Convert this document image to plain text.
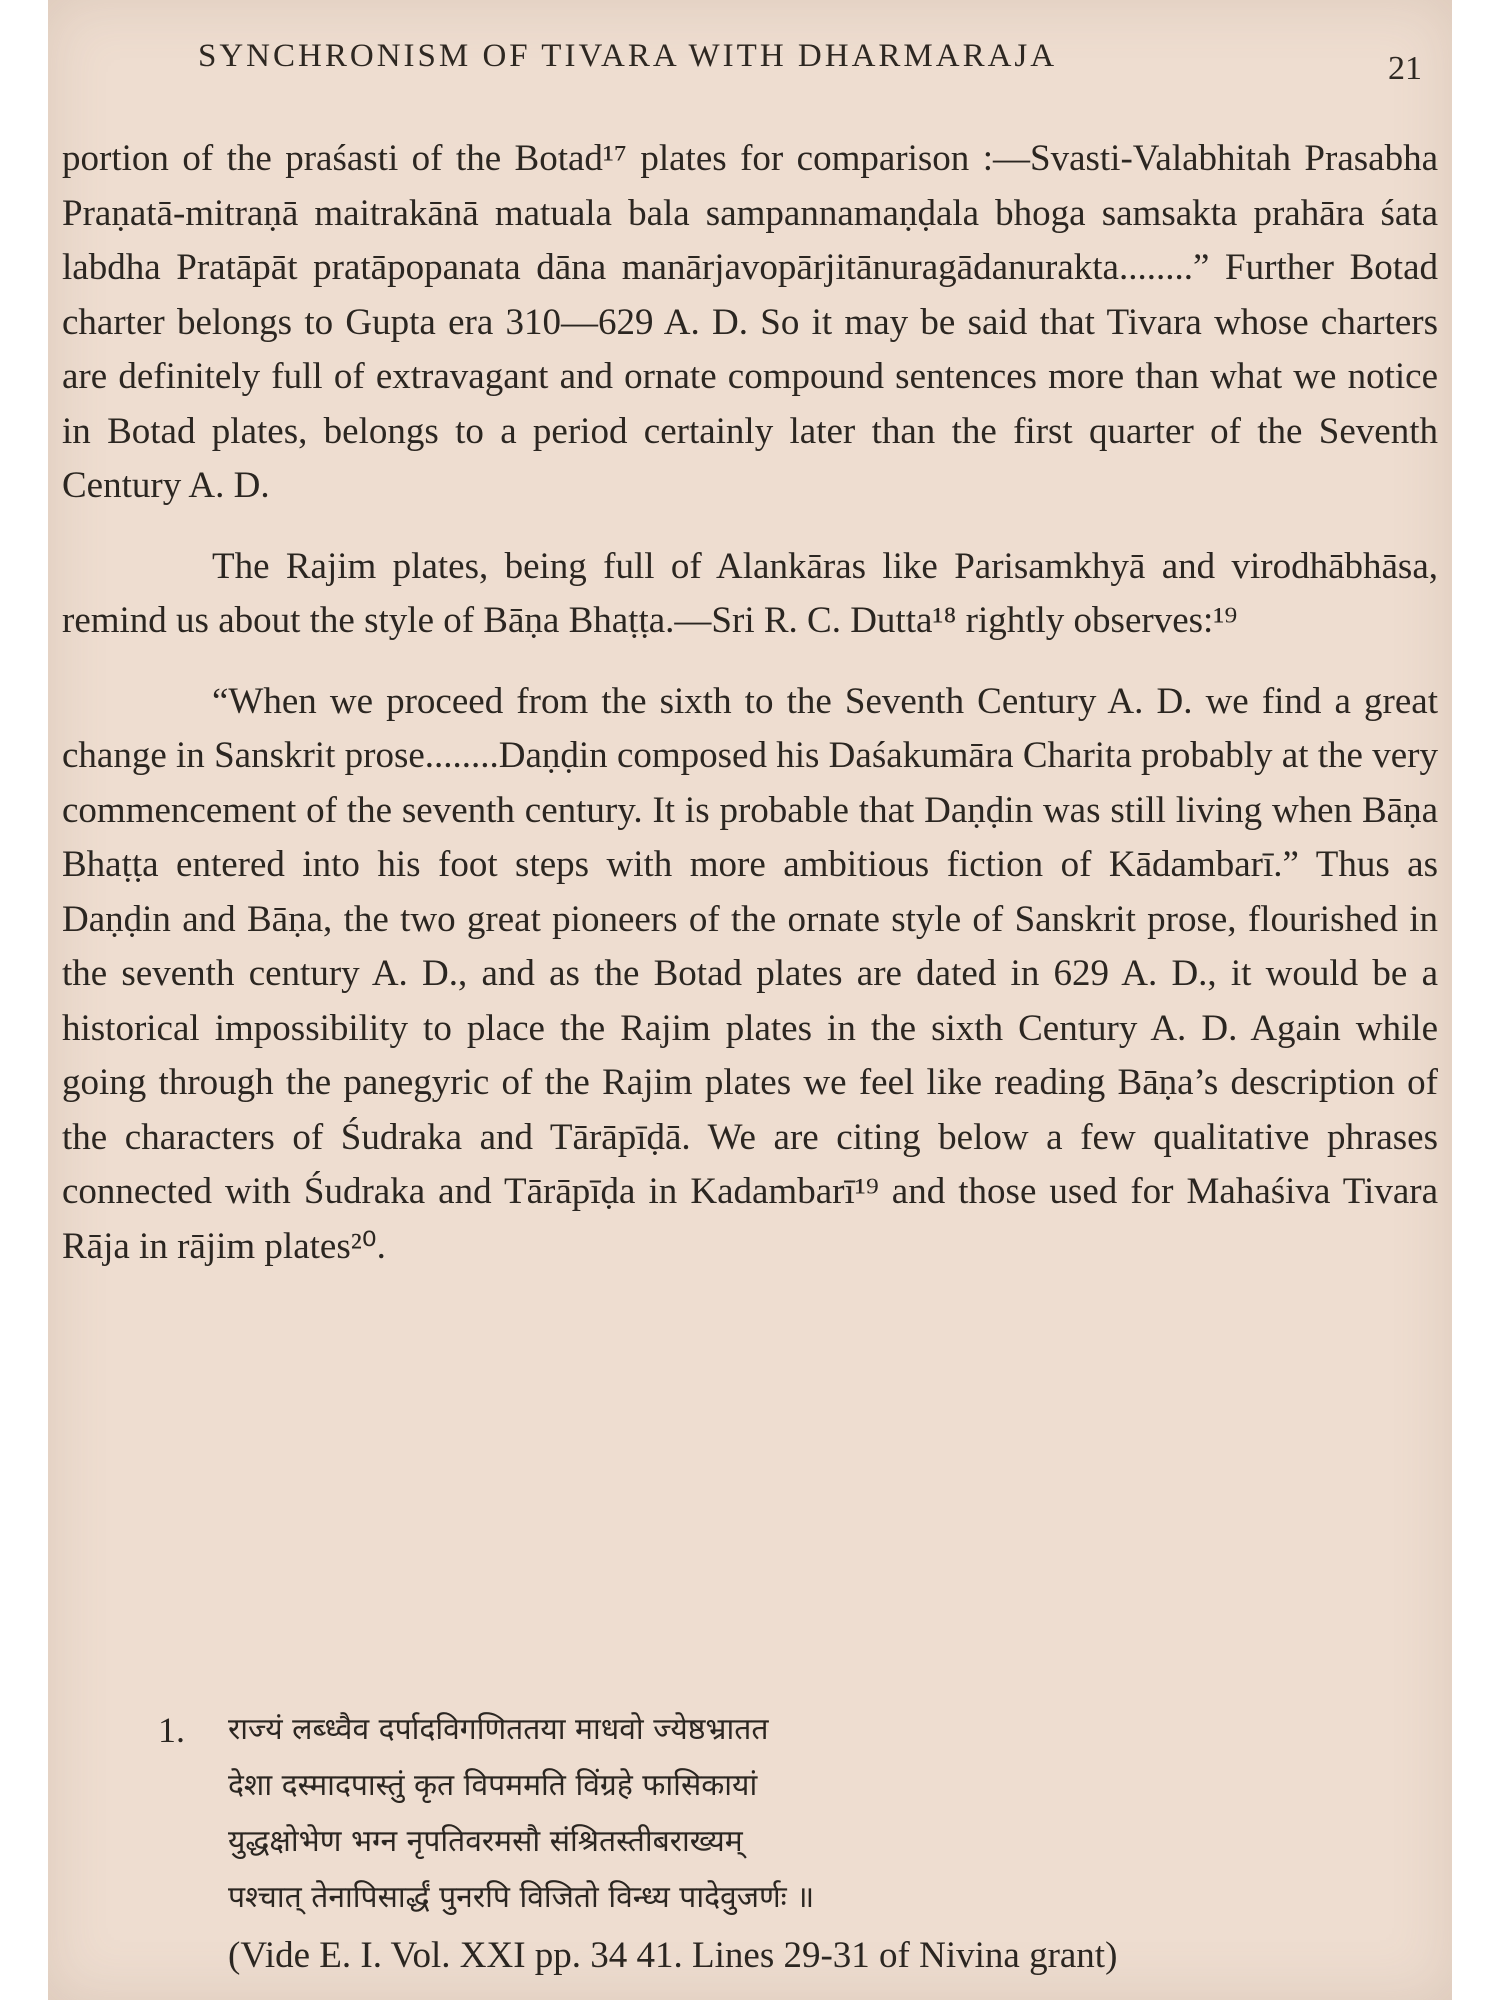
SYNCHRONISM OF TIVARA WITH DHARMARAJA	21

portion of the praśasti of the Botad¹⁷ plates for comparison :—Svasti-Valabhitah Prasabha Praṇatā-mitraṇā maitrakānā matuala bala sampannamaṇḍala bhoga samsakta prahāra śata labdha Pratāpāt pratāpopanata dāna manārjavopārjitānuragādanurakta........” Further Botad charter belongs to Gupta era 310—629 A. D. So it may be said that Tivara whose charters are definitely full of extravagant and ornate compound sentences more than what we notice in Botad plates, belongs to a period certainly later than the first quarter of the Seventh Century A. D.

The Rajim plates, being full of Alankāras like Parisamkhyā and virodhābhāsa, remind us about the style of Bāṇa Bhaṭṭa.—Sri R. C. Dutta¹⁸ rightly observes:¹⁹

“When we proceed from the sixth to the Seventh Century A. D. we find a great change in Sanskrit prose........Daṇḍin composed his Daśakumāra Charita probably at the very commencement of the seventh century. It is probable that Daṇḍin was still living when Bāṇa Bhaṭṭa entered into his foot steps with more ambitious fiction of Kādambarī.” Thus as Daṇḍin and Bāṇa, the two great pioneers of the ornate style of Sanskrit prose, flourished in the seventh century A. D., and as the Botad plates are dated in 629 A. D., it would be a historical impossibility to place the Rajim plates in the sixth Century A. D. Again while going through the panegyric of the Rajim plates we feel like reading Bāṇa’s description of the characters of Śudraka and Tārāpīḍā. We are citing below a few qualitative phrases connected with Śudraka and Tārāpīḍa in Kadambarī¹⁹ and those used for Mahaśiva Tivara Rāja in rājim plates²⁰.

1.	राज्यं लब्ध्वैव दर्पादविगणिततया माधवो ज्येष्ठभ्रातत
देशा दस्मादपास्तुं कृत विपममति विंग्रहे फासिकायां
युद्धक्षोभेण भग्न नृपतिवरमसौ संश्रितस्तीबराख्यम्
पश्चात् तेनापिसार्द्धं पुनरपि विजितो विन्ध्य पादेवुजर्णः ॥
(Vide E. I. Vol. XXI pp. 34 41. Lines 29-31 of Nivina grant)
